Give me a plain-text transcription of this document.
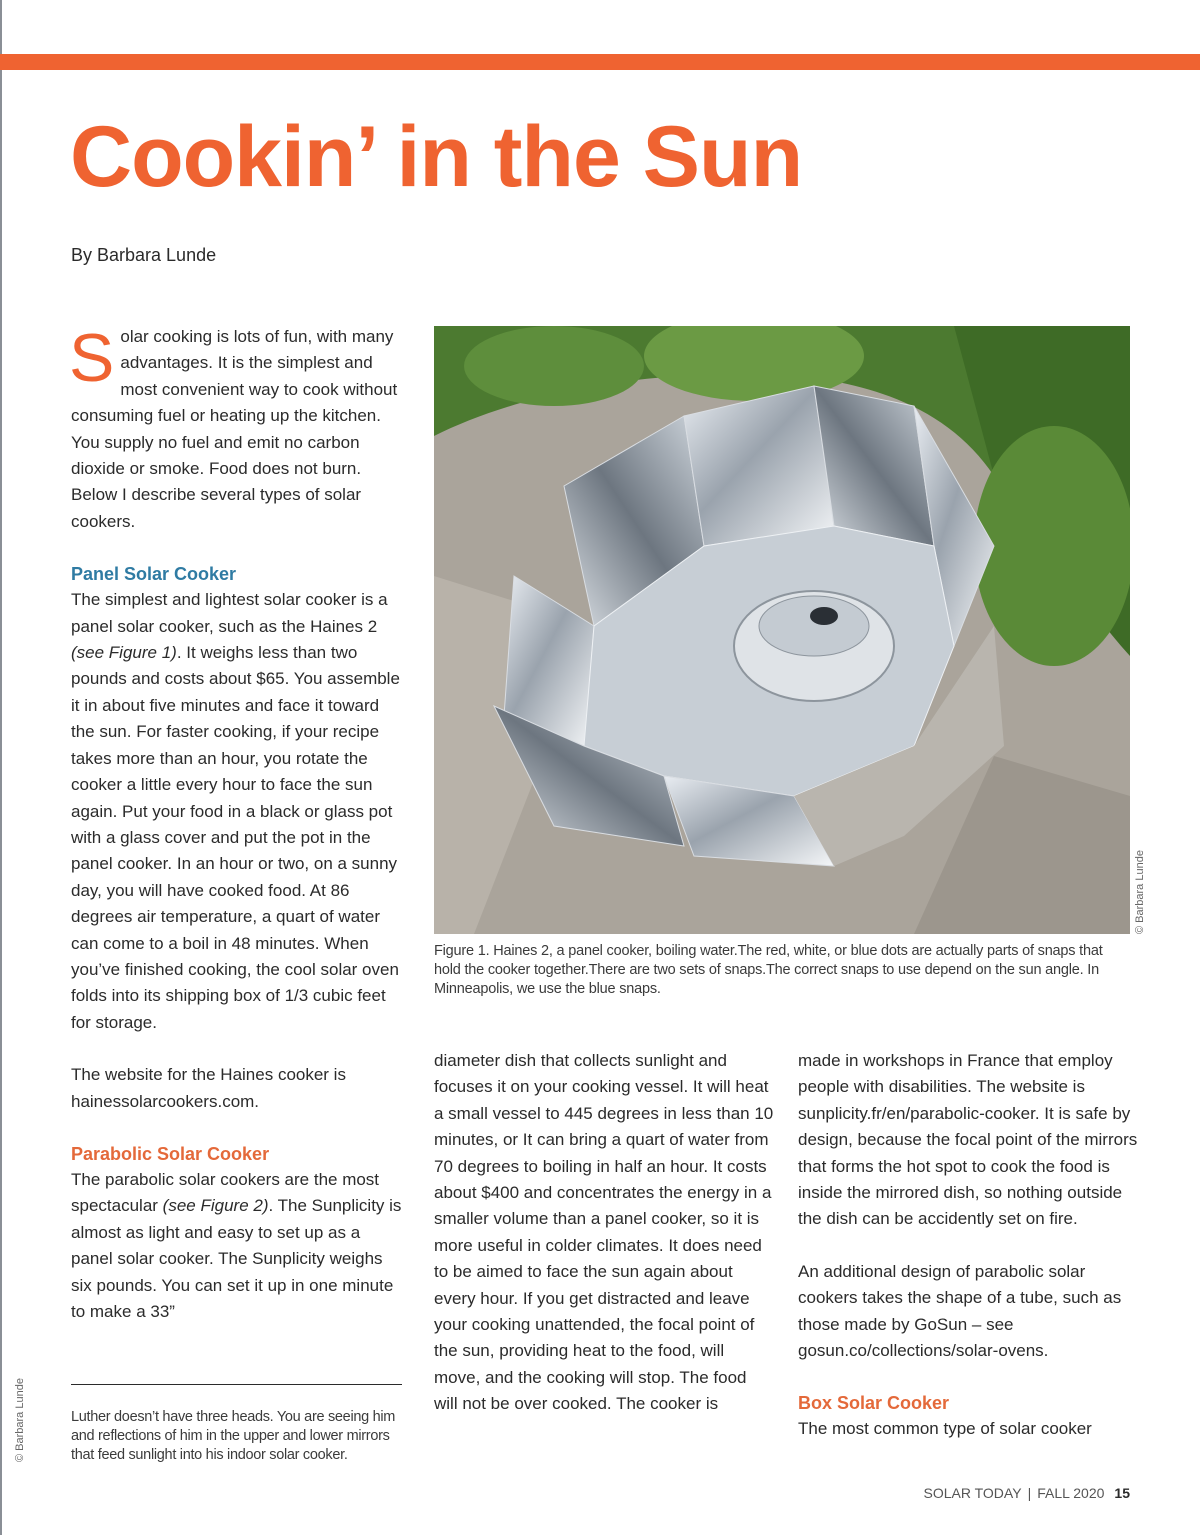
Cookin’ in the Sun
By Barbara Lunde

Solar cooking is lots of fun, with many advantages. It is the simplest and most convenient way to cook without consuming fuel or heating up the kitchen. You supply no fuel and emit no carbon dioxide or smoke. Food does not burn. Below I describe several types of solar cookers.

Panel Solar Cooker

The simplest and lightest solar cooker is a panel solar cooker, such as the Haines 2 (see Figure 1). It weighs less than two pounds and costs about $65. You assemble it in about five minutes and face it toward the sun. For faster cooking, if your recipe takes more than an hour, you rotate the cooker a little every hour to face the sun again. Put your food in a black or glass pot with a glass cover and put the pot in the panel cooker. In an hour or two, on a sunny day, you will have cooked food. At 86 degrees air temperature, a quart of water can come to a boil in 48 minutes. When you’ve finished cooking, the cool solar oven folds into its shipping box of 1/3 cubic feet for storage.

The website for the Haines cooker is hainessolarcookers.com.

Parabolic Solar Cooker

The parabolic solar cookers are the most spectacular (see Figure 2). The Sunplicity is almost as light and easy to set up as a panel solar cooker. The Sunplicity weighs six pounds. You can set it up in one minute to make a 33”

© Barbara Lunde

Figure 1. Haines 2, a panel cooker, boiling water.The red, white, or blue dots are actually parts of snaps that hold the cooker together.There are two sets of snaps.The correct snaps to use depend on the sun angle. In Minneapolis, we use the blue snaps.

diameter dish that collects sunlight and focuses it on your cooking vessel. It will heat a small vessel to 445 degrees in less than 10 minutes, or It can bring a quart of water from 70 degrees to boiling in half an hour. It costs about $400 and concentrates the energy in a smaller volume than a panel cooker, so it is more useful in colder climates. It does need to be aimed to face the sun again about every hour. If you get distracted and leave your cooking unattended, the focal point of the sun, providing heat to the food, will move, and the cooking will stop. The food will not be over cooked. The cooker is

made in workshops in France that employ people with disabilities. The website is sunplicity.fr/en/parabolic-cooker. It is safe by design, because the focal point of the mirrors that forms the hot spot to cook the food is inside the mirrored dish, so nothing outside the dish can be accidently set on fire.

An additional design of parabolic solar cookers takes the shape of a tube, such as those made by GoSun – see gosun.co/collections/solar-ovens.

Box Solar Cooker

The most common type of solar cooker

Luther doesn’t have three heads. You are seeing him and reflections of him in the upper and lower mirrors that feed sunlight into his indoor solar cooker.

© Barbara Lunde
SOLAR TODAY | FALL 2020 15
